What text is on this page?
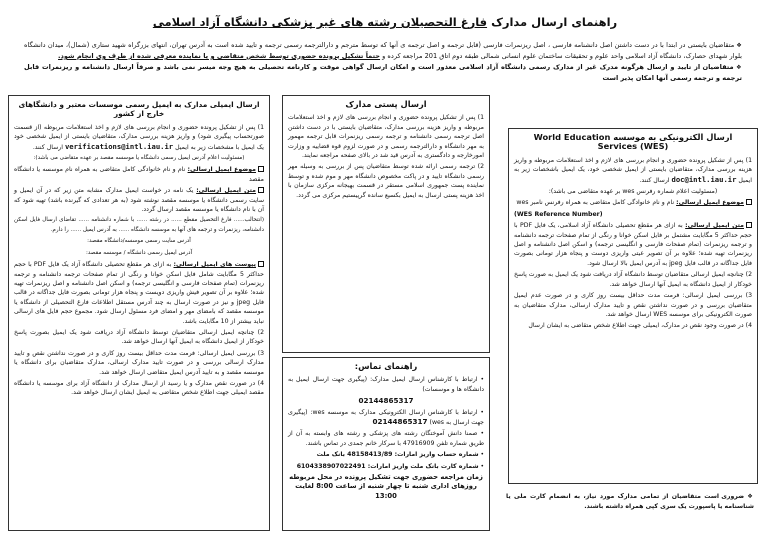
راهنمای ارسال مدارک فارغ التحصیلان رشته های غیر پزشکی دانشگاه آزاد اسلامی

❖ متقاضیان بایستی در ابتدا با در دست داشتن اصل دانشنامه فارسی ، اصل ریزنمرات فارسی (قابل ترجمه و اصل ترجمه ی آنها که توسط مترجم و دارالترجمه رسمی ترجمه و تایید شده است به آدرس تهران، انتهای بزرگراه شهید ستاری (شمال)، میدان دانشگاه بلوار شهدای حصارک، دانشگاه آزاد اسلامی واحد علوم و تحقیقات ساختمان علوم انسانی شمالی طبقه دوم اتاق 201 مراجعه کرده و حتماً تشکیل پرونده حضوری توسط شخص متقاضی و یا نماینده معرفی شده از طرف وی انجام شود.

❖ متقاضیان از تایید و ارسال هرگونه مدرک غیر از مدارک رسمی دانشگاه آزاد اسلامی معذور است و امکان ارسال گواهی موقت و کارنامه تحصیلی به هیچ وجه میسر نمی باشد و صرفاً ارسال دانشنامه و ریزنمرات قابل ترجمه و ترجمه رسمی آنها امکان پذیر است

ارسال الکترونیکی به موسسه World Education Services (WES)

1) پس از تشکیل پرونده حضوری و انجام بررسی های لازم و اخذ استعلامات مربوطه و واریز هزینه بررسی مدارک، متقاضیان بایستی از ایمیل شخصی خود، یک ایمیل باشخصات زیر به ایمیل doc@intl.iau.ir ارسال کنند.

(مسئولیت اعلام شماره رفرنس wes بر عهده متقاضی می باشد):

موضوع ایمیل ارسالی: نام و نام خانوادگی کامل متقاضی به همراه رفرنس نامبر wes

(WES Reference Number)

متن ایمیل ارسالی: به ازای هر مقطع تحصیلی دانشگاه آزاد اسلامی، یک فایل PDF با حجم حداکثر 5 مگابایت مشتمل بر فایل اسکن خوانا و رنگی از تمام صفحات ترجمه دانشنامه و ترجمه ریزنمرات (تمام صفحات فارسی و انگلیسی ترجمه) و اسکن اصل دانشنامه و اصل ریزنمرات تهیه شده؛ علاوه بر آن تصویر عیتی واریزی دوست و پنجاه هزار تومانی بصورت فایل جداگانه در قالب فایل jpeg به آدرس ایمیل بالا ارسال شود.

2) چنانچه ایمیل ارسالی متقاضیان توسط دانشگاه آزاد دریافت شود یک ایمیل به صورت پاسخ خودکار از ایمیل دانشگاه به ایمیل آنها ارسال خواهد شد.

3) بررسی ایمیل ارسالی: فرمت مدت حداقل بیست روز کاری و در صورت عدم ایمیل متقاضیان بررسی و در صورت نداشتن نقص و تایید مدارک ارسالی، مدارک متقاضیان به صورت الکترونیکی برای موسسه WES ارسال خواهد شد.

4) در صورت وجود نقص در مدارک، ایمیلی جهت اطلاع شخص متقاضی به ایشان ارسال

ارسال پستی مدارک

1) پس از تشکیل پرونده حضوری و انجام بررسی های لازم و اخذ استعلامات مربوطه و واریز هزینه بررسی مدارک، متقاضیان بایستی با در دست داشتن اصل ترجمه رسمی دانشنامه و ترجمه رسمی ریزنمرات قابل ترجمه مهمور به مهر دانشگاه و دارالترجمه رسمی و در صورت لزوم قوه قضاییه و وزارت امورخارجه و دادگستری به آدرس قید شد در بالای صفحه مراجعه نمایند.

2) ترجمه رسمی ارائه شده توسط متقاضیان پس از بررسی به وسیله مهر رسمی دانشگاه تایید و در پاکت مخصوص دانشگاه مهر و موم شده و توسط نماینده پست جمهوری اسلامی مستقر در قسمت بهیجانه مرکزی سازمان با اخذ هزینه پستی ارسال به ایمیل بکسیع سانده گرپیستیم مرکزی می گردد.

راهنمای تماس:

• ارتباط با کارشناس ارسال ایمیل مدارک: (پیگیری جهت ارسال ایمیل به دانشگاه ها و موسسات)

02144865317

• ارتباط با کارشناس ارسال الکترونیکی مدارک به موسسه wes: (پیگیری جهت ارسال به wes) 02144865317

• صمنا دانش آموختگان رشته های پزشکی و رشته های وابسته به آن از طریق شماره تلفن 47916909 با سرکار خانم جمدی در تماس باشند.

• شماره حساب واریز امارات: 48158413/89 بانک ملت

• شماره کارت بانک ملت واریز امارات: 6104338907022491

زمان مراجعه حضوری جهت تشکیل پرونده در محل مربوطه روزهای اداری شنبه تا چهار شنبه از ساعت 8:00 لغایت 13:00

ارسال ایمیلی مدارک به ایمیل رسمی موسسات معتبر و دانشگاهای خارج از کشور

1) پس از تشکیل پرونده حضوری و انجام بررسی های لازم و اخذ استعلامات مربوطه (از قسمت صورتحساب پیگیری شود) و واریز هزینه بررسی مدارک، متقاضیان بایستی از ایمیل شخصی خود یک ایمیل با مشخصات زیر به ایمیل verifications@intl.iau.ir ارسال کنند.

(مسئولیت اعلام آدرس ایمیل رسمی دانشگاه یا موسسه مقصد بر عهده متقاضی می باشد):

موضوع ایمیل ارسالی: نام و نام خانوادگی کامل متقاضی به همراه نام موسسه یا دانشگاه مقصد

متن ایمیل ارسالی: یک نامه در خواست ایمیل مدارک مشابه متن زیر که در آن ایمیل و سایت رسمی دانشگاه یا موسسه مقصد نوشته شود (به هر تعدادی که گیرنده باشد) تهیه شود که آن با نام دانشگاه یا موسسه مقصد ارسال گردد.

(انتحالب...... فارغ التحصیل مقطع ...... در رشته ...... با شماره دانشنامه ...... تقاضای ارسال فایل اسکن دانشنامه، ریزنمرات و ترجمه های آنها به موسسه دانشگاه ...... به آدرس ایمیل ...... را دارم.

آدرس سایت رسمی موسسه/دانشگاه مقصد:

آدرس ایمیل رسمی دانشگاه / موسسه مقصد:

پیوست های ایمیل ارسالی: به ازای هر مقطع تحصیلی دانشگاه آزاد یک فایل PDF با حجم حداکثر 5 مگابایت شامل فایل اسکن خوانا و رنگی از تمام صفحات ترجمه دانشنامه و ترجمه ریزنمرات (تمام صفحات فارسی و انگلیسی ترجمه) و اسکن اصل دانشنامه و اصل ریزنمرات تهیه شده؛ علاوه بر آن تصویر فیش واریزی دویست و پنجاه هزار تومانی بصورت فایل جداگانه در قالب فایل jpeg و نیز در صورت ارسال به چند آدرس مستقل اطلاعات فارغ التحصیلی از دانشگاه یا موسسه مقصد که بامضای مهر و امضای فرد مسئول ارسال شود. مجموع حجم فایل های ارسالی نباید بیشتر از 10 مگابایت باشد.

2) چنانچه ایمیل ارسالی متقاضیان توسط دانشگاه آزاد دریافت شود یک ایمیل بصورت پاسخ خودکار از ایمیل دانشگاه به ایمیل آنها ارسال خواهد شد.

3) بررسی ایمیل ارسالی: فرمت مدت حداقل بیست روز کاری و در صورت نداشتن نقص و تایید مدارک ارسالی بررسی و در صورت تایید مدارک ارسالی، مدارک متقاضیان برای دانشگاه یا موسسه مقصد و به تایید آدرس ایمیل متقاضی ارسال خواهد شد.

4) در صورت نقص مدارک و یا رسید از ارسال مدارک از دانشگاه آزاد برای موسسه یا دانشگاه مقصد ایمیلی جهت اطلاع شخص متقاضی به ایمیل ایشان ارسال خواهد شد.

❖ ضروری است متقاضیان از تمامی مدارک مورد نیاز، به انضمام کارت ملی یا شناسنامه یا پاسپورت یک سری کپی همراه داشته باشند.
